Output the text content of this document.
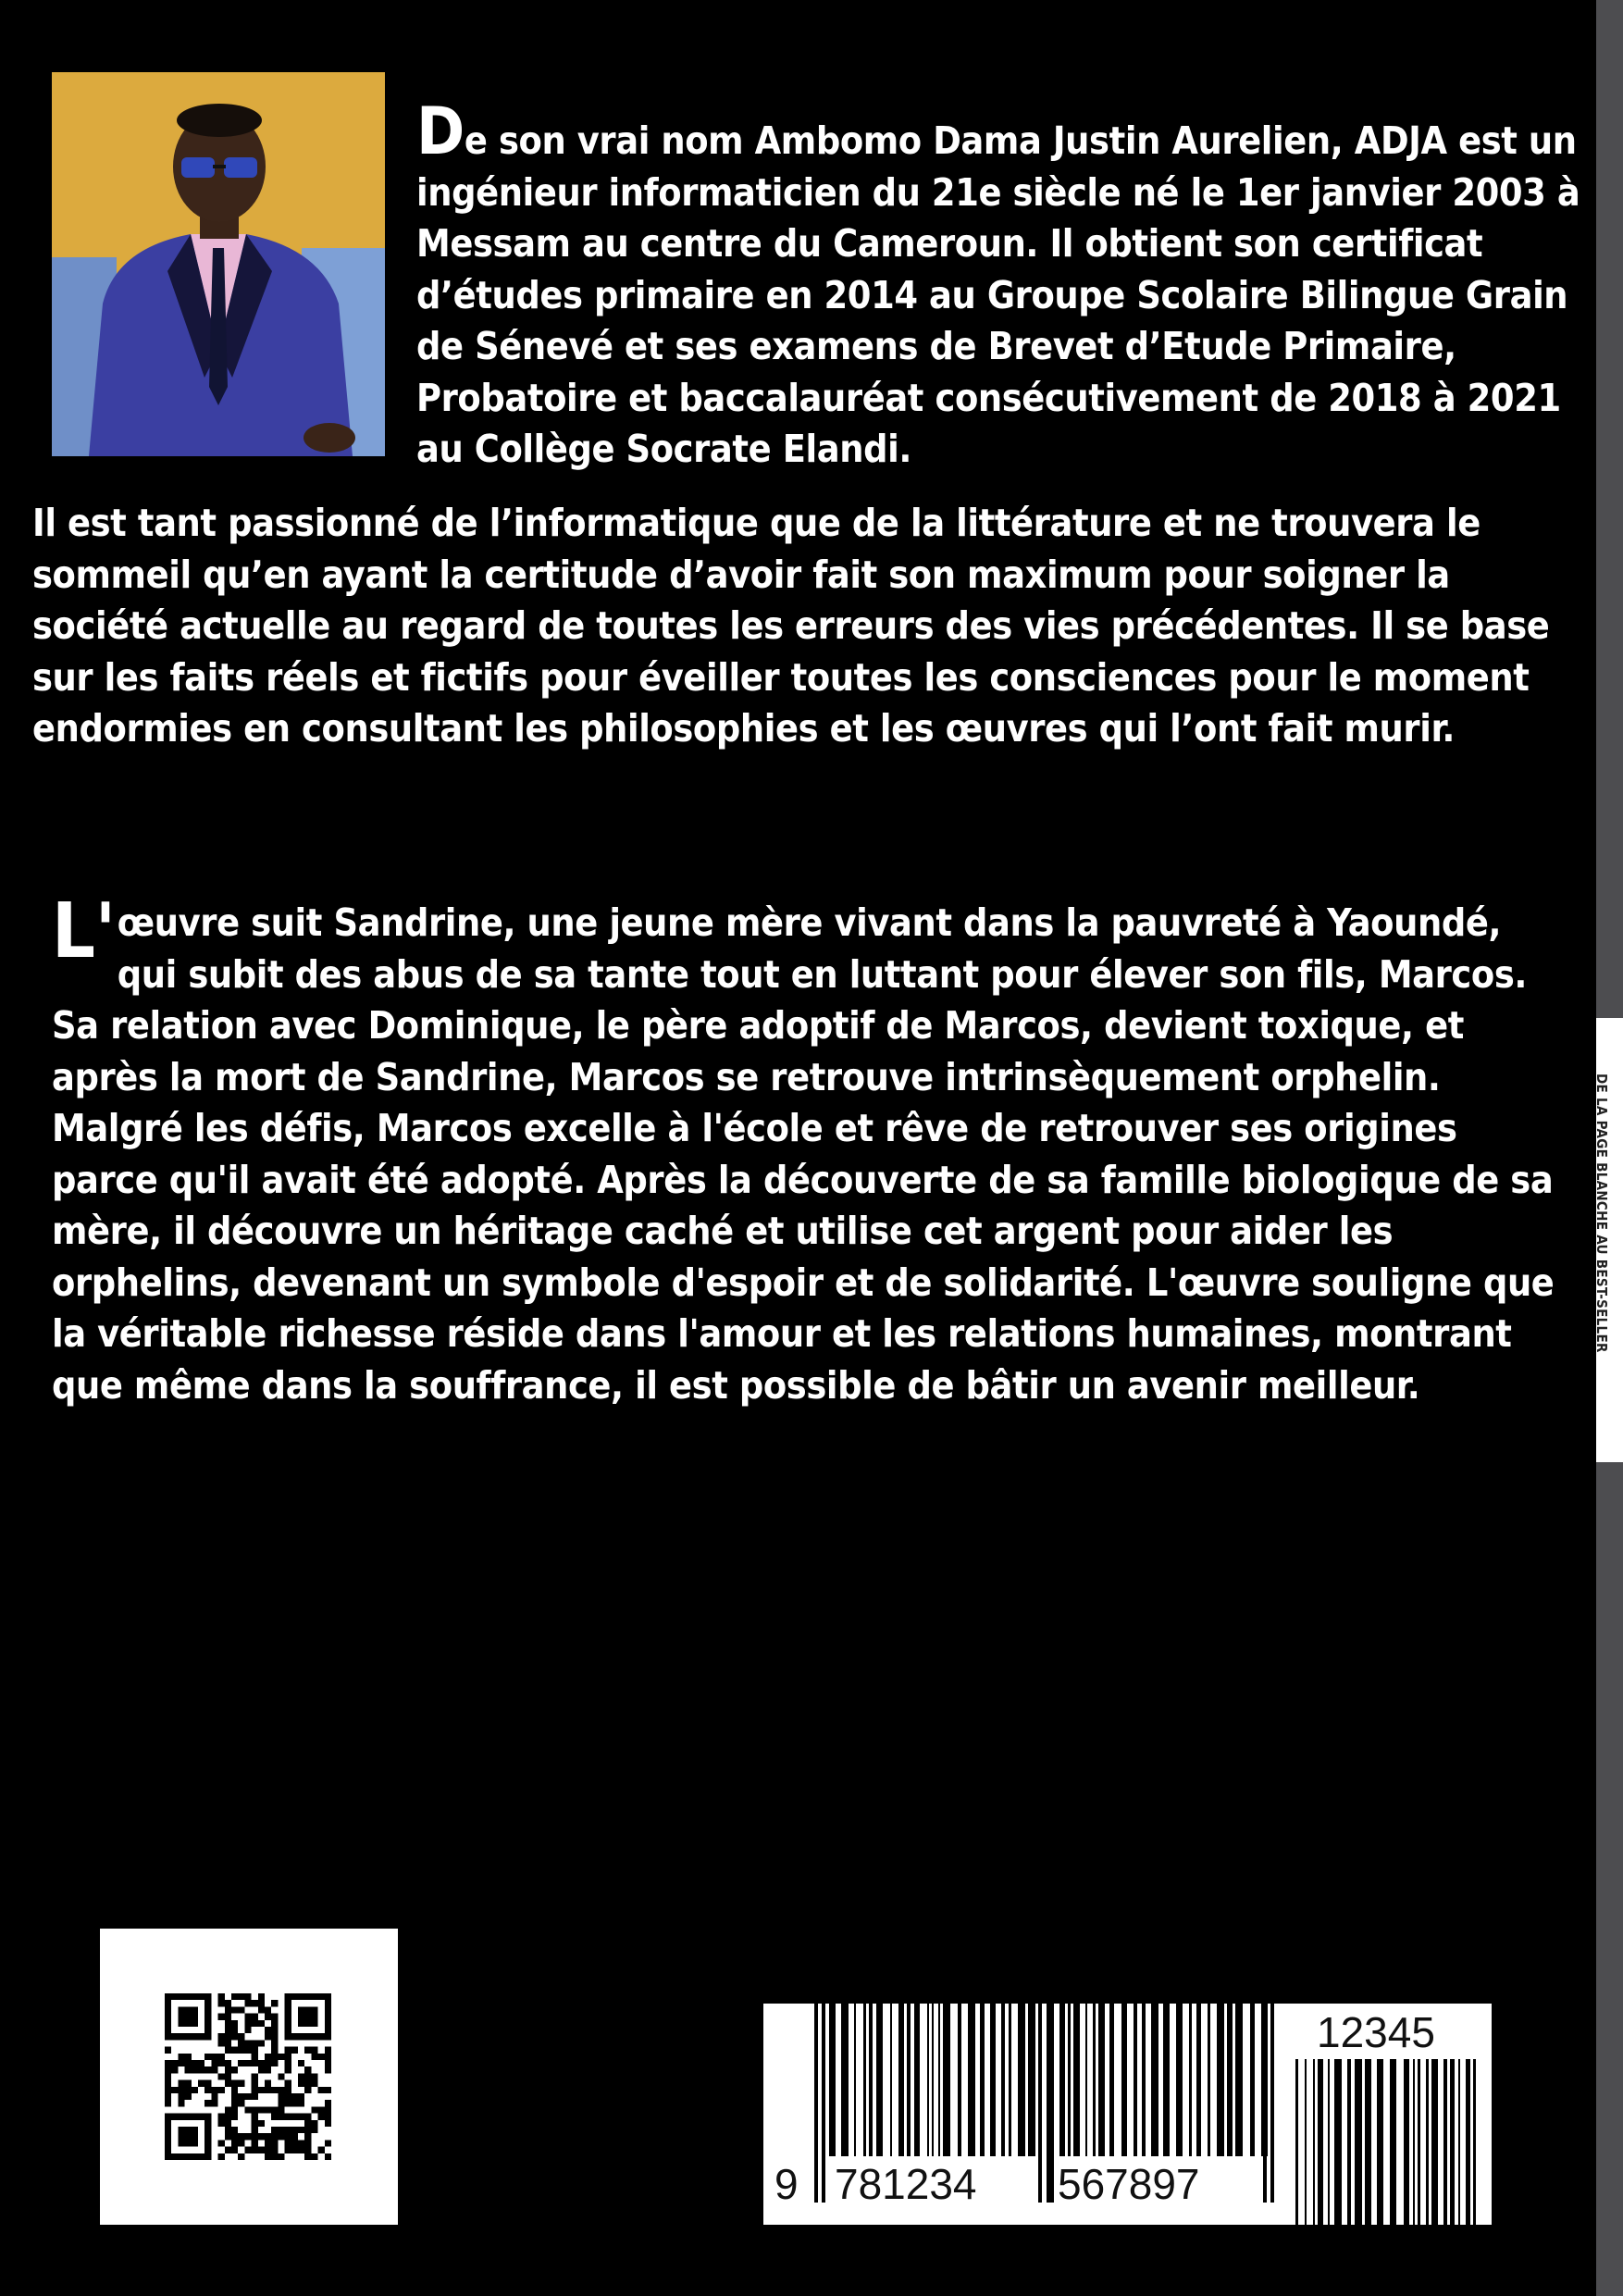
DE LA PAGE BLANCHE AU BEST-SELLER
De son vrai nom Ambomo Dama Justin Aurelien, ADJA est un ingénieur informaticien du 21e siècle né le 1er janvier 2003 à Messam au centre du Cameroun. Il obtient son certificat d’études primaire en 2014 au Groupe Scolaire Bilingue Grain de Sénevé et ses examens de Brevet d’Etude Primaire, Probatoire et baccalauréat consécutivement de 2018 à 2021 au Collège Socrate Elandi.
Il est tant passionné de l’informatique que de la littérature et ne trouvera le sommeil qu’en ayant la certitude d’avoir fait son maximum pour soigner la société actuelle au regard de toutes les erreurs des vies précédentes. Il se base sur les faits réels et fictifs pour éveiller toutes les consciences pour le moment endormies en consultant les philosophies et les œuvres qui l’ont fait murir.
L' œuvre suit Sandrine, une jeune mère vivant dans la pauvreté à Yaoundé, qui subit des abus de sa tante tout en luttant pour élever son fils, Marcos. Sa relation avec Dominique, le père adoptif de Marcos, devient toxique, et après la mort de Sandrine, Marcos se retrouve intrinsèquement orphelin.
Malgré les défis, Marcos excelle à l'école et rêve de retrouver ses origines parce qu'il avait été adopté. Après la découverte de sa famille biologique de sa mère, il découvre un héritage caché et utilise cet argent pour aider les orphelins, devenant un symbole d'espoir et de solidarité. L'œuvre souligne que la véritable richesse réside dans l'amour et les relations humaines, montrant que même dans la souffrance, il est possible de bâtir un avenir meilleur.
9 781234 567897
12345
